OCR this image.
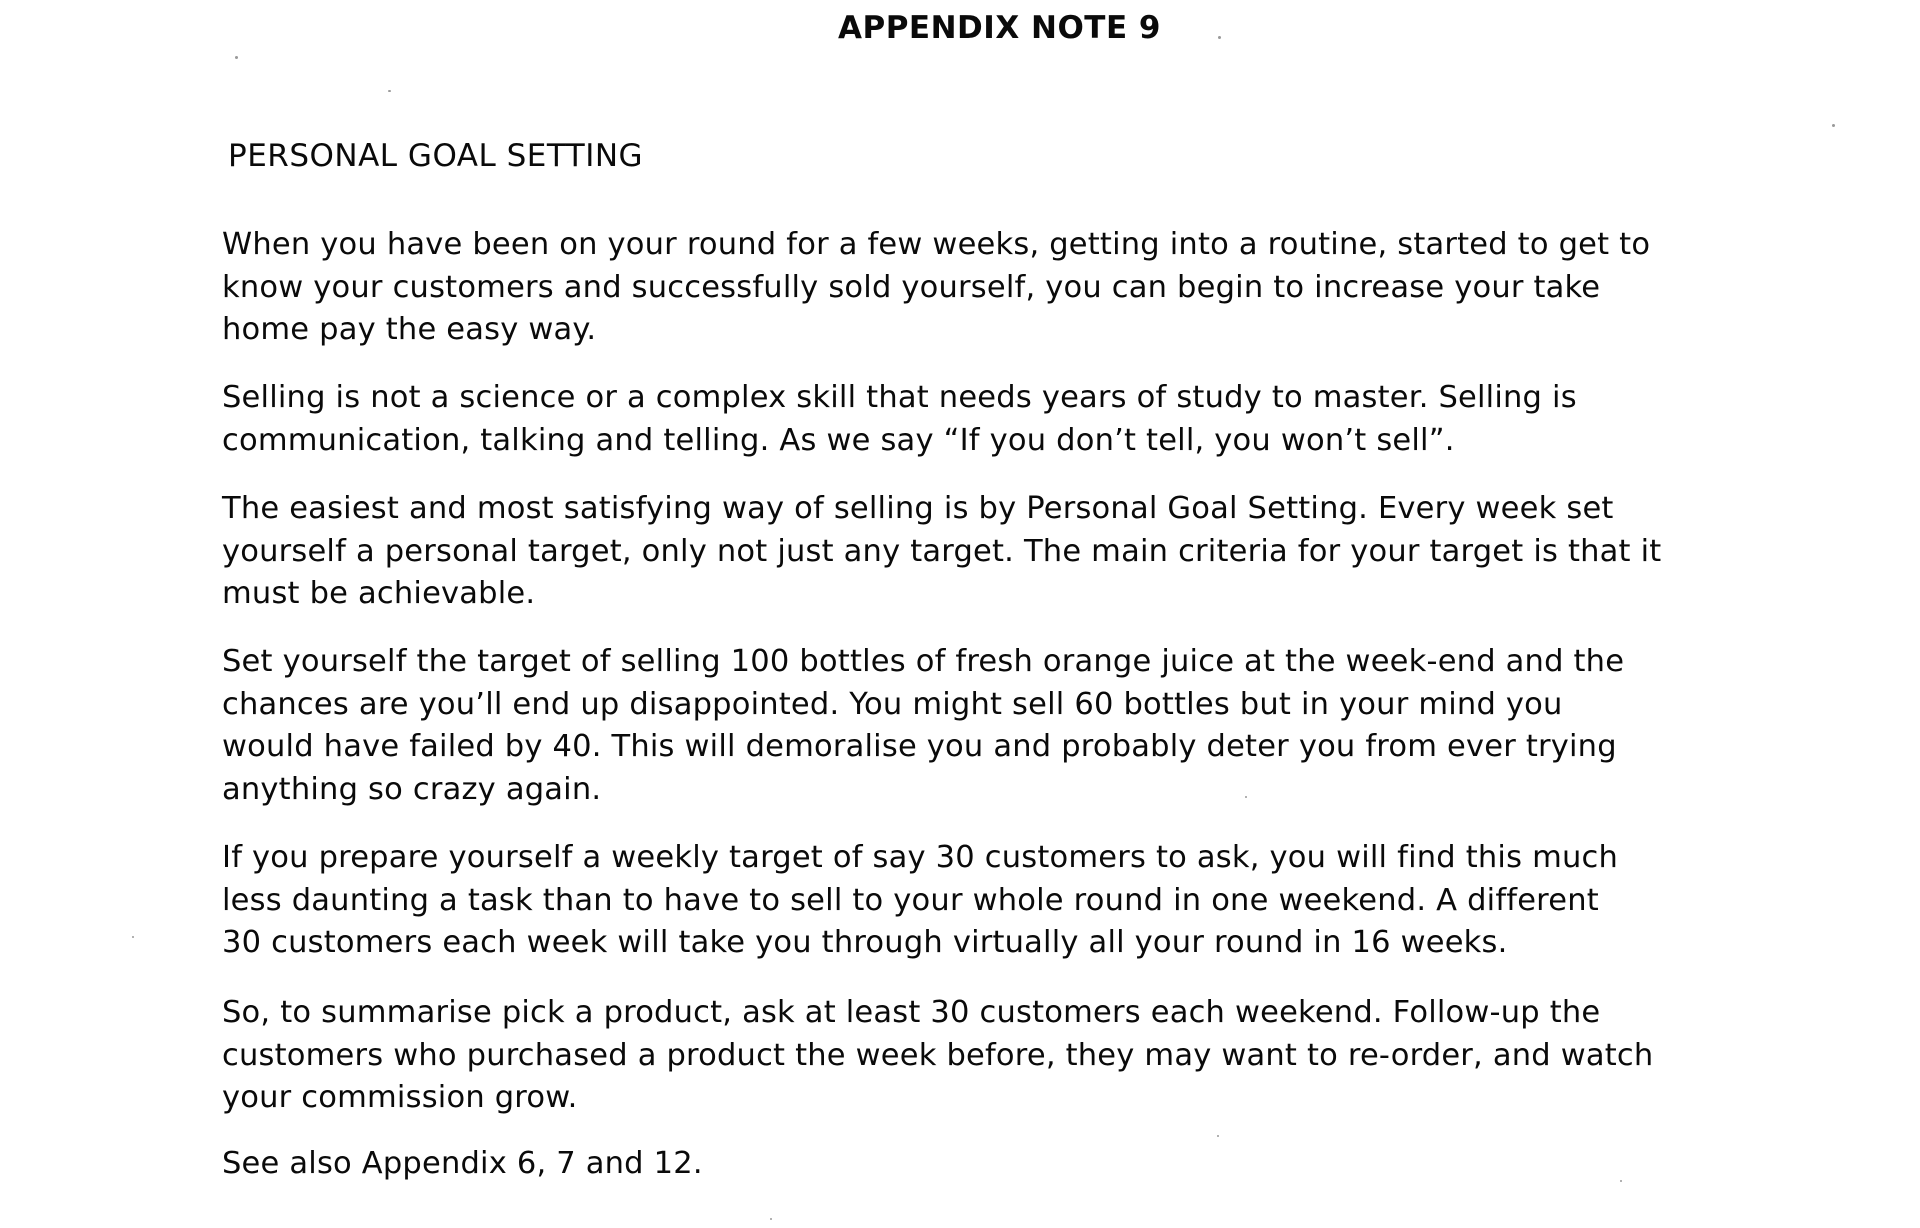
APPENDIX NOTE 9
PERSONAL GOAL SETTING
When you have been on your round for a few weeks, getting into a routine, started to get to
know your customers and successfully sold yourself, you can begin to increase your take
home pay the easy way.
Selling is not a science or a complex skill that needs years of study to master. Selling is
communication, talking and telling. As we say “If you don’t tell, you won’t sell”.
The easiest and most satisfying way of selling is by Personal Goal Setting. Every week set
yourself a personal target, only not just any target. The main criteria for your target is that it
must be achievable.
Set yourself the target of selling 100 bottles of fresh orange juice at the week-end and the
chances are you’ll end up disappointed. You might sell 60 bottles but in your mind you
would have failed by 40. This will demoralise you and probably deter you from ever trying
anything so crazy again.
If you prepare yourself a weekly target of say 30 customers to ask, you will find this much
less daunting a task than to have to sell to your whole round in one weekend. A different
30 customers each week will take you through virtually all your round in 16 weeks.
So, to summarise pick a product, ask at least 30 customers each weekend. Follow-up the
customers who purchased a product the week before, they may want to re-order, and watch
your commission grow.
See also Appendix 6, 7 and 12.
